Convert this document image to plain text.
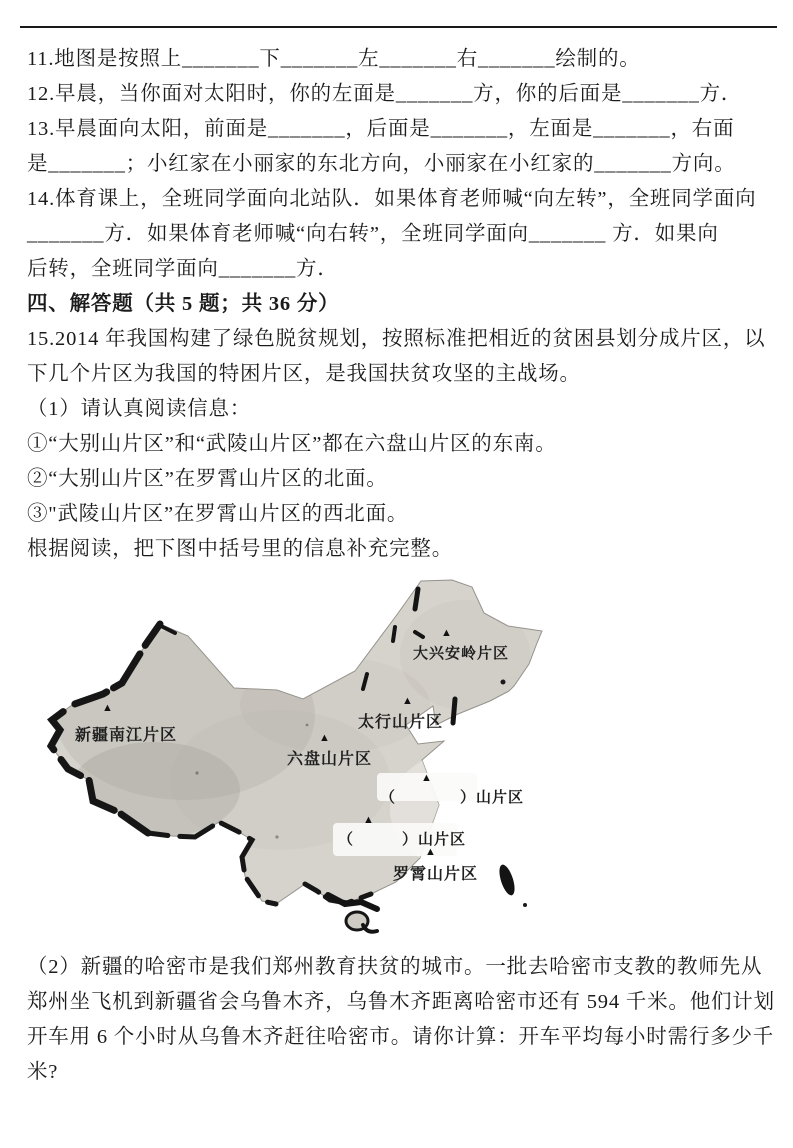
11.地图是按照上_______下_______左_______右_______绘制的。

12.早晨，当你面对太阳时，你的左面是_______方，你的后面是_______方．

13.早晨面向太阳，前面是_______，后面是_______，左面是_______，右面

是_______；小红家在小丽家的东北方向，小丽家在小红家的_______方向。

14.体育课上，全班同学面向北站队．如果体育老师喊“向左转”，全班同学面向

_______方．如果体育老师喊“向右转”，全班同学面向_______ 方．如果向

后转，全班同学面向_______方．

四、解答题（共 5 题；共 36 分）

15.2014 年我国构建了绿色脱贫规划，按照标准把相近的贫困县划分成片区，以

下几个片区为我国的特困片区，是我国扶贫攻坚的主战场。

（1）请认真阅读信息：

①“大别山片区”和“武陵山片区”都在六盘山片区的东南。

②“大别山片区”在罗霄山片区的北面。

③"武陵山片区”在罗霄山片区的西北面。

根据阅读，把下图中括号里的信息补充完整。

▲
▲
▲
▲
▲
▲
▲
大兴安岭片区
新疆南江片区
太行山片区
六盘山片区
（　　　　）山片区
（　　　）山片区
罗霄山片区

（2）新疆的哈密市是我们郑州教育扶贫的城市。一批去哈密市支教的教师先从

郑州坐飞机到新疆省会乌鲁木齐，乌鲁木齐距离哈密市还有 594 千米。他们计划

开车用 6 个小时从乌鲁木齐赶往哈密市。请你计算：开车平均每小时需行多少千

米?
